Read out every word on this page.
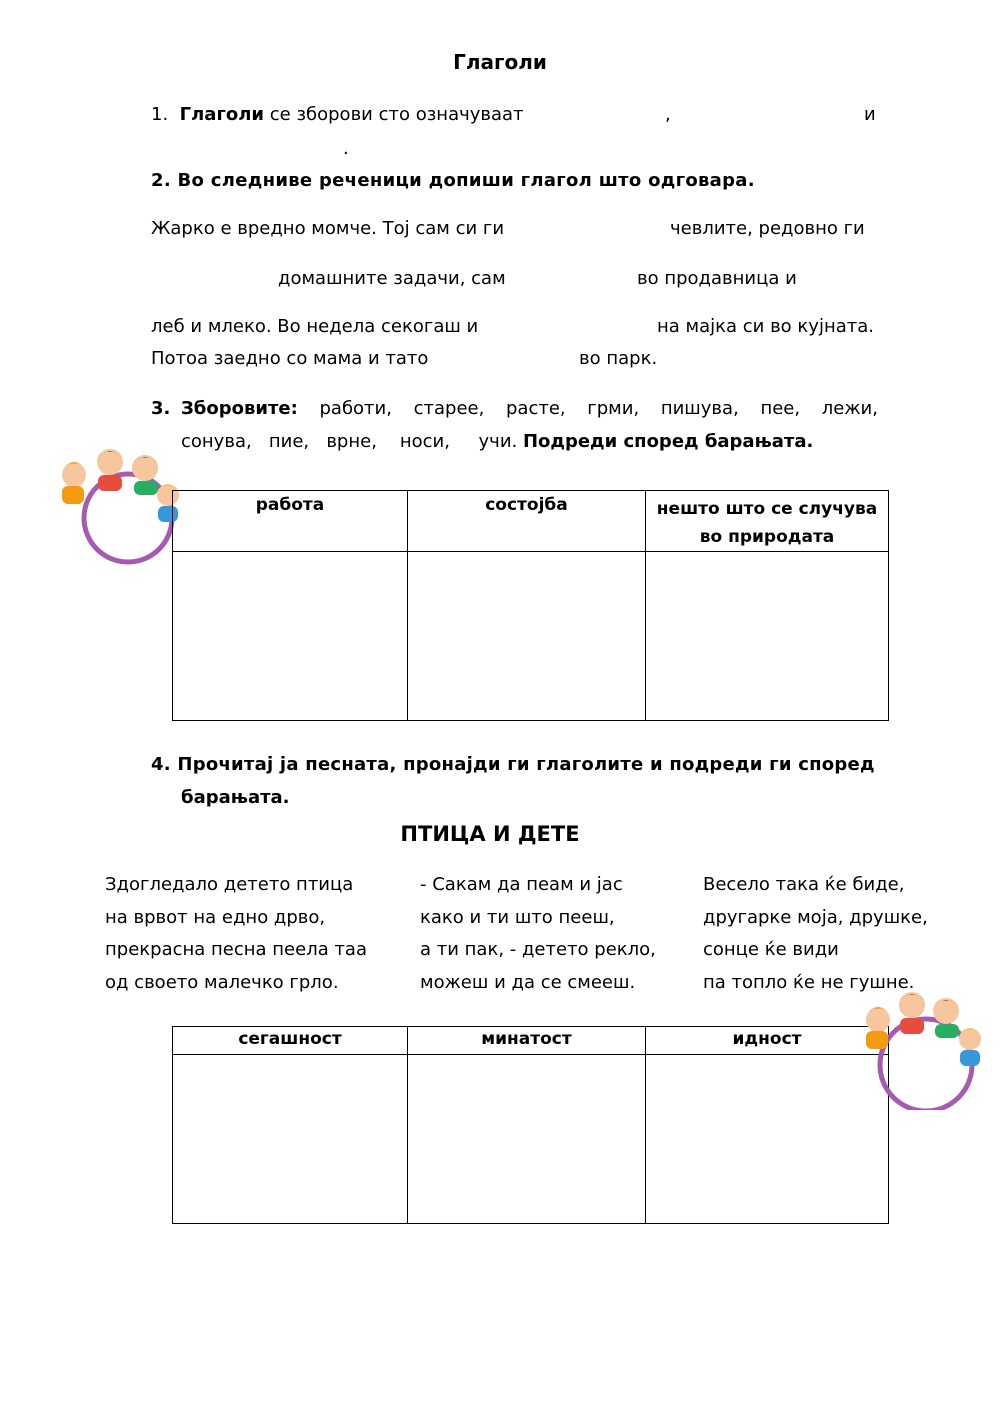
Глаголи
1. Глаголи се зборови сто означуваат	,	и
.
2. Во следниве реченици допиши глагол што одговара.
Жарко е вредно момче. Тој сам си ги	чевлите, редовно ги
домашните задачи, сам	во продавница и
леб и млеко. Во недела секогаш и	на мајка си во кујната.
Потоа заедно со мама и тато	во парк.
3. Зборовите: работи, старее, расте, грми, пишува, пее, лежи,
сонува, пие, врне, носи, учи. Подреди според барањата.
работа	состојба	нешто што се случува
во природата

4. Прочитај ја песната, пронајди ги глаголите и подреди ги според
барањата.
ПТИЦА И ДЕТЕ
Здогледало детето птица
на врвот на едно дрво,
прекрасна песна пеела таа
од своето малечко грло.
- Сакам да пеам и јас
како и ти што пееш,
а ти пак, - детето рекло,
можеш и да се смееш.
Весело така ќе биде,
другарке моја, друшке,
сонце ќе види
па топло ќе не гушне.
сегашност	минатост	идност
